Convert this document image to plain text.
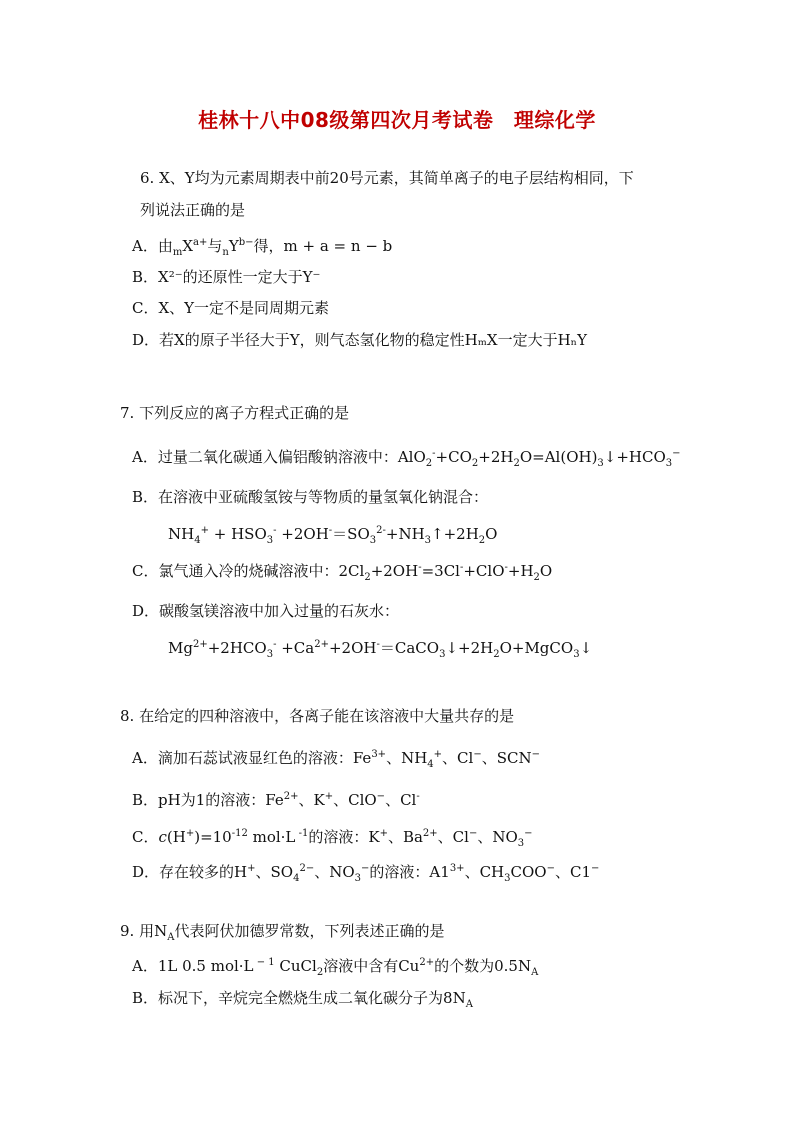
桂林十八中08级第四次月考试卷　理综化学
6. X、Y均为元素周期表中前20号元素，其简单离子的电子层结构相同，下
列说法正确的是
A．由$_mX^{a+}$与$_nY^{b-}$得，m + a = n − b
B．X²⁻的还原性一定大于Y⁻
C．X、Y一定不是同周期元素
D．若X的原子半径大于Y，则气态氢化物的稳定性HₘX一定大于HₙY
7. 下列反应的离子方程式正确的是
A．过量二氧化碳通入偏铝酸钠溶液中：$AlO_2^-+CO_2+2H_2O=Al(OH)_3↓+HCO_3^-$
B．在溶液中亚硫酸氢铵与等物质的量氢氧化钠混合：
$NH_4^+ + HSO_3^-$ $+2OH^-=SO_3^{2-}+NH_3↑+2H_2O$
C．氯气通入冷的烧碱溶液中：$2Cl_2+2OH^-=3Cl^-+ClO^-+H_2O$
D．碳酸氢镁溶液中加入过量的石灰水：
$Mg^{2+}+2HCO_3^-$ $+Ca^{2+}+2OH^-=CaCO_3↓+2H_2O+MgCO_3↓$
8. 在给定的四种溶液中，各离子能在该溶液中大量共存的是
A．滴加石蕊试液显红色的溶液：$Fe^{3+}$、$NH_4^+$、Cl−、SCN−
B．pH为1的溶液：$Fe^{2+}$、K+、ClO−、Cl-
C．$c(H^+)=10^{-12}$ mol·L $^{-1}$的溶液：K+、$Ba^{2+}$、Cl−、$NO_3^-$
D．存在较多的H+、$SO_4^{2-}$、$NO_3^-$的溶液：$A1^{3+}$、$CH_3COO^-$、C1−
9. 用$N_A$代表阿伏加德罗常数，下列表述正确的是
A．1L 0.5 mol·L $^{- 1}$ CuCl$_2$溶液中含有$Cu^{2+}$的个数为$0.5N_A$
B．标况下，辛烷完全燃烧生成二氧化碳分子为$8N_A$
